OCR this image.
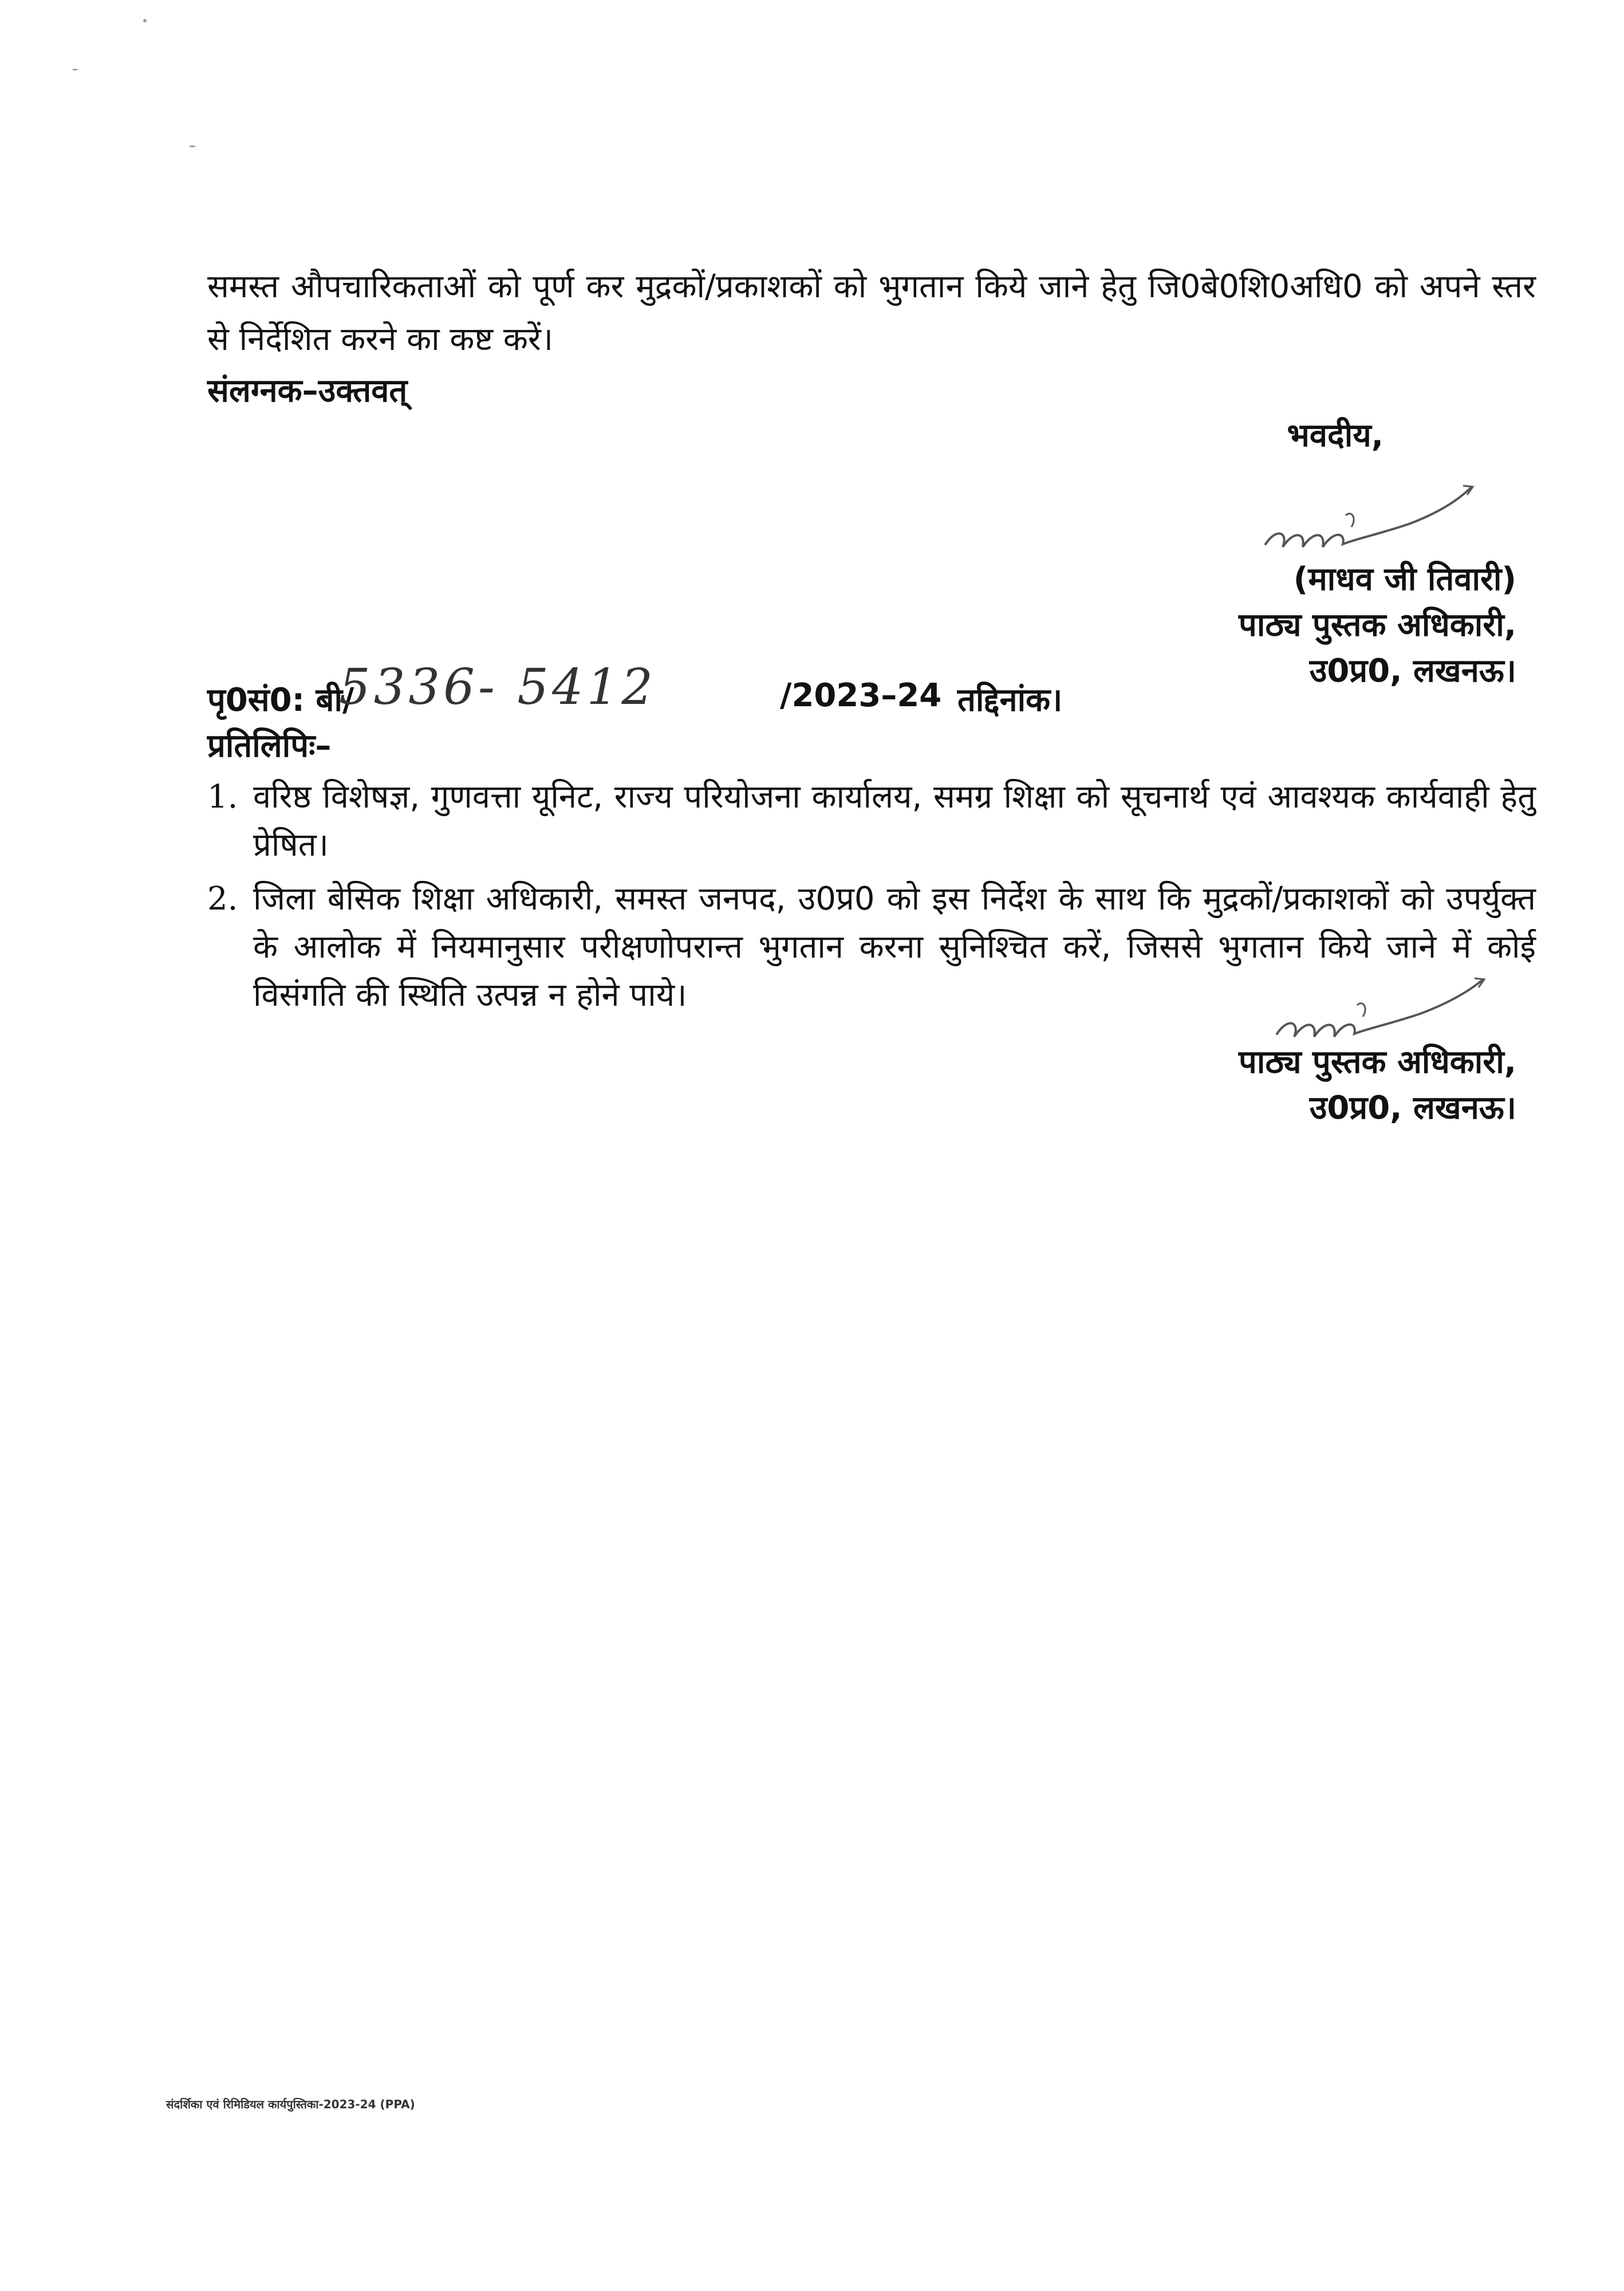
समस्त औपचारिकताओं को पूर्ण कर मुद्रकों/प्रकाशकों को भुगतान किये जाने हेतु जि0बे0शि0अधि0 को अपने स्तर से निर्देशित करने का कष्ट करें।

संलग्नक–उक्तवत्
भवदीय,
(माधव जी तिवारी)
पाठ्य पुस्तक अधिकारी,
उ0प्र0, लखनऊ।
पृ0सं0: बी/
5336- 5412	/2023–24 तद्दिनांक।
प्रतिलिपिः–
1. वरिष्ठ विशेषज्ञ, गुणवत्ता यूनिट, राज्य परियोजना कार्यालय, समग्र शिक्षा को सूचनार्थ एवं आवश्यक कार्यवाही हेतु प्रेषित।
2. जिला बेसिक शिक्षा अधिकारी, समस्त जनपद, उ0प्र0 को इस निर्देश के साथ कि मुद्रकों/प्रकाशकों को उपर्युक्त के आलोक में नियमानुसार परीक्षणोपरान्त भुगतान करना सुनिश्चित करें, जिससे भुगतान किये जाने में कोई विसंगति की स्थिति उत्पन्न न होने पाये।
पाठ्य पुस्तक अधिकारी,
उ0प्र0, लखनऊ।
संदर्शिका एवं रिमिडियल कार्यपुस्तिका-2023-24 (PPA)
